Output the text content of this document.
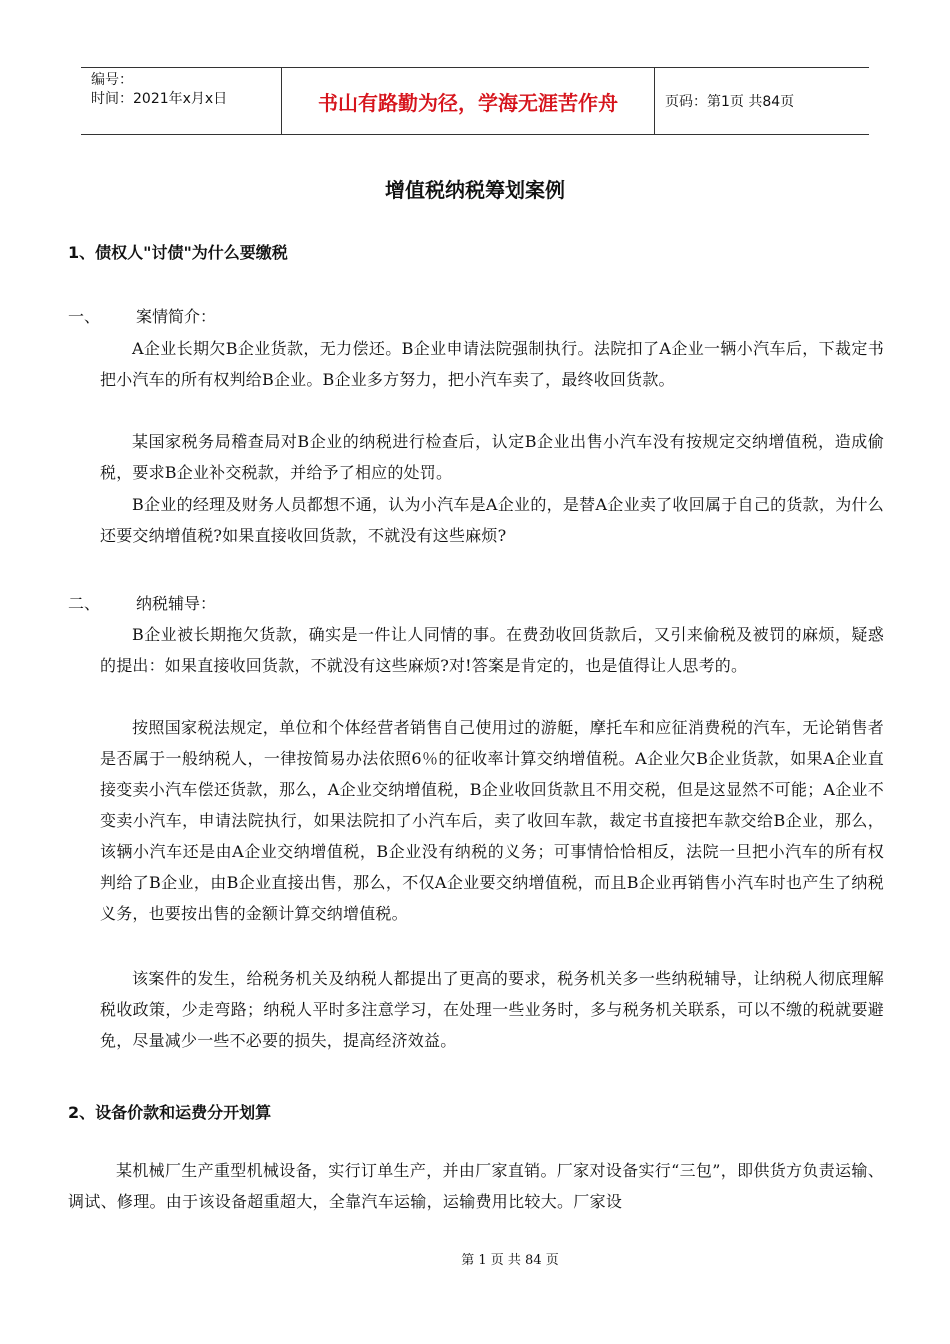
编号：
时间：2021年x月x日	书山有路勤为径，学海无涯苦作舟	页码：第1页 共84页
增值税纳税筹划案例
1、债权人"讨债"为什么要缴税
一、	案情简介：
A企业长期欠B企业货款，无力偿还。B企业申请法院强制执行。法院扣了A企业一辆小汽车后，下裁定书把小汽车的所有权判给B企业。B企业多方努力，把小汽车卖了，最终收回货款。
某国家税务局稽查局对B企业的纳税进行检查后，认定B企业出售小汽车没有按规定交纳增值税，造成偷税，要求B企业补交税款，并给予了相应的处罚。
B企业的经理及财务人员都想不通，认为小汽车是A企业的，是替A企业卖了收回属于自己的货款，为什么还要交纳增值税?如果直接收回货款，不就没有这些麻烦?
二、	纳税辅导：
B企业被长期拖欠货款，确实是一件让人同情的事。在费劲收回货款后，又引来偷税及被罚的麻烦，疑惑的提出：如果直接收回货款，不就没有这些麻烦?对!答案是肯定的，也是值得让人思考的。
按照国家税法规定，单位和个体经营者销售自己使用过的游艇，摩托车和应征消费税的汽车，无论销售者是否属于一般纳税人，一律按简易办法依照6％的征收率计算交纳增值税。A企业欠B企业货款，如果A企业直接变卖小汽车偿还货款，那么，A企业交纳增值税，B企业收回货款且不用交税，但是这显然不可能；A企业不变卖小汽车，申请法院执行，如果法院扣了小汽车后，卖了收回车款，裁定书直接把车款交给B企业，那么，该辆小汽车还是由A企业交纳增值税，B企业没有纳税的义务；可事情恰恰相反，法院一旦把小汽车的所有权判给了B企业，由B企业直接出售，那么，不仅A企业要交纳增值税，而且B企业再销售小汽车时也产生了纳税义务，也要按出售的金额计算交纳增值税。
该案件的发生，给税务机关及纳税人都提出了更高的要求，税务机关多一些纳税辅导，让纳税人彻底理解税收政策，少走弯路；纳税人平时多注意学习，在处理一些业务时，多与税务机关联系，可以不缴的税就要避免，尽量减少一些不必要的损失，提高经济效益。
2、设备价款和运费分开划算
某机械厂生产重型机械设备，实行订单生产，并由厂家直销。厂家对设备实行“三包”，即供货方负责运输、调试、修理。由于该设备超重超大，全靠汽车运输，运输费用比较大。厂家设
第 1 页 共 84 页
